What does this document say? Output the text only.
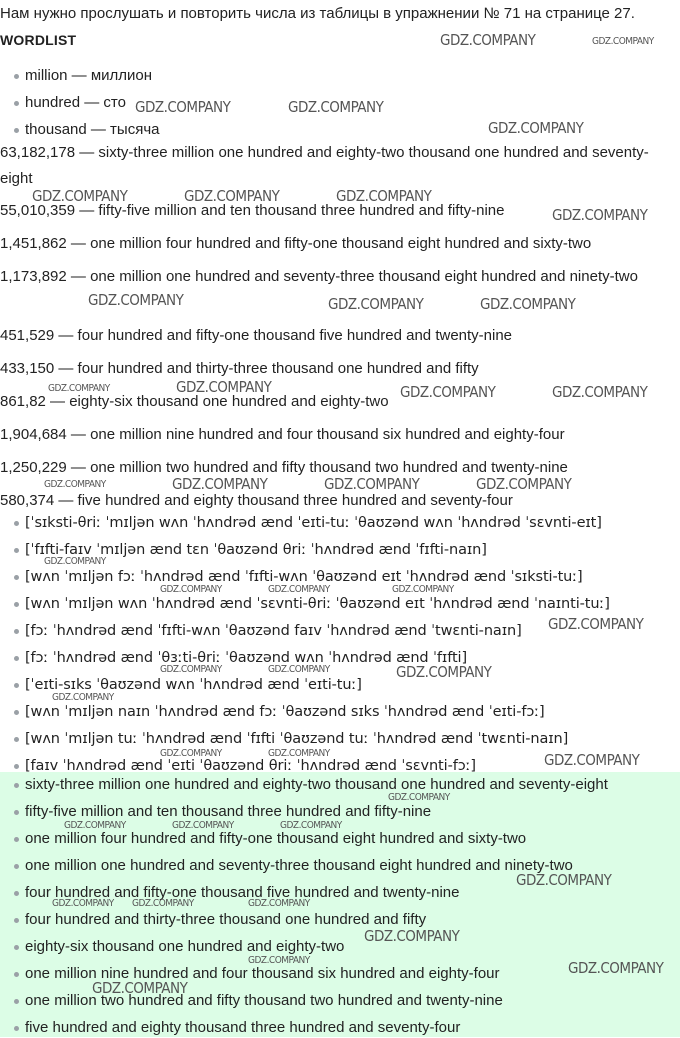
Нам нужно прослушать и повторить числа из таблицы в упражнении № 71 на странице 27.
WORDLIST
million — миллион
hundred — сто
thousand — тысяча
63,182,178 — sixty-three million one hundred and eighty-two thousand one hundred and seventy-eight
55,010,359 — fifty-five million and ten thousand three hundred and fifty-nine
1,451,862 — one million four hundred and fifty-one thousand eight hundred and sixty-two
1,173,892 — one million one hundred and seventy-three thousand eight hundred and ninety-two
451,529 — four hundred and fifty-one thousand five hundred and twenty-nine
433,150 — four hundred and thirty-three thousand one hundred and fifty
861,82 — eighty-six thousand one hundred and eighty-two
1,904,684 — one million nine hundred and four thousand six hundred and eighty-four
1,250,229 — one million two hundred and fifty thousand two hundred and twenty-nine
580,374 — five hundred and eighty thousand three hundred and seventy-four
[ˈsɪksti-θriː ˈmɪljən wʌn ˈhʌndrəd ænd ˈeɪti-tuː ˈθaʊzənd wʌn ˈhʌndrəd ˈsɛvnti-eɪt]
[ˈfɪfti-faɪv ˈmɪljən ænd tɛn ˈθaʊzənd θriː ˈhʌndrəd ænd ˈfɪfti-naɪn]
[wʌn ˈmɪljən fɔː ˈhʌndrəd ænd ˈfɪfti-wʌn ˈθaʊzənd eɪt ˈhʌndrəd ænd ˈsɪksti-tuː]
[wʌn ˈmɪljən wʌn ˈhʌndrəd ænd ˈsɛvnti-θriː ˈθaʊzənd eɪt ˈhʌndrəd ænd ˈnaɪnti-tuː]
[fɔː ˈhʌndrəd ænd ˈfɪfti-wʌn ˈθaʊzənd faɪv ˈhʌndrəd ænd ˈtwɛnti-naɪn]
[fɔː ˈhʌndrəd ænd ˈθɜːti-θriː ˈθaʊzənd wʌn ˈhʌndrəd ænd ˈfɪfti]
[ˈeɪti-sɪks ˈθaʊzənd wʌn ˈhʌndrəd ænd ˈeɪti-tuː]
[wʌn ˈmɪljən naɪn ˈhʌndrəd ænd fɔː ˈθaʊzənd sɪks ˈhʌndrəd ænd ˈeɪti-fɔː]
[wʌn ˈmɪljən tuː ˈhʌndrəd ænd ˈfɪfti ˈθaʊzənd tuː ˈhʌndrəd ænd ˈtwɛnti-naɪn]
[faɪv ˈhʌndrəd ænd ˈeɪti ˈθaʊzənd θriː ˈhʌndrəd ænd ˈsɛvnti-fɔː]
sixty-three million one hundred and eighty-two thousand one hundred and seventy-eight
fifty-five million and ten thousand three hundred and fifty-nine
one million four hundred and fifty-one thousand eight hundred and sixty-two
one million one hundred and seventy-three thousand eight hundred and ninety-two
four hundred and fifty-one thousand five hundred and twenty-nine
four hundred and thirty-three thousand one hundred and fifty
eighty-six thousand one hundred and eighty-two
one million nine hundred and four thousand six hundred and eighty-four
one million two hundred and fifty thousand two hundred and twenty-nine
five hundred and eighty thousand three hundred and seventy-four
GDZ.COMPANY	GDZ.COMPANY
GDZ.COMPANY	GDZ.COMPANY
GDZ.COMPANY
GDZ.COMPANY	GDZ.COMPANY	GDZ.COMPANY
GDZ.COMPANY
GDZ.COMPANY	GDZ.COMPANY	GDZ.COMPANY
GDZ.COMPANY	GDZ.COMPANY	GDZ.COMPANY	GDZ.COMPANY
GDZ.COMPANY	GDZ.COMPANY	GDZ.COMPANY	GDZ.COMPANY
GDZ.COMPANY
GDZ.COMPANY	GDZ.COMPANY	GDZ.COMPANY
GDZ.COMPANY
GDZ.COMPANY	GDZ.COMPANY	GDZ.COMPANY
GDZ.COMPANY
GDZ.COMPANY	GDZ.COMPANY	GDZ.COMPANY
GDZ.COMPANY
GDZ.COMPANY	GDZ.COMPANY	GDZ.COMPANY
GDZ.COMPANY
GDZ.COMPANY GDZ.COMPANY	GDZ.COMPANY
GDZ.COMPANY
GDZ.COMPANY	GDZ.COMPANY
GDZ.COMPANY
